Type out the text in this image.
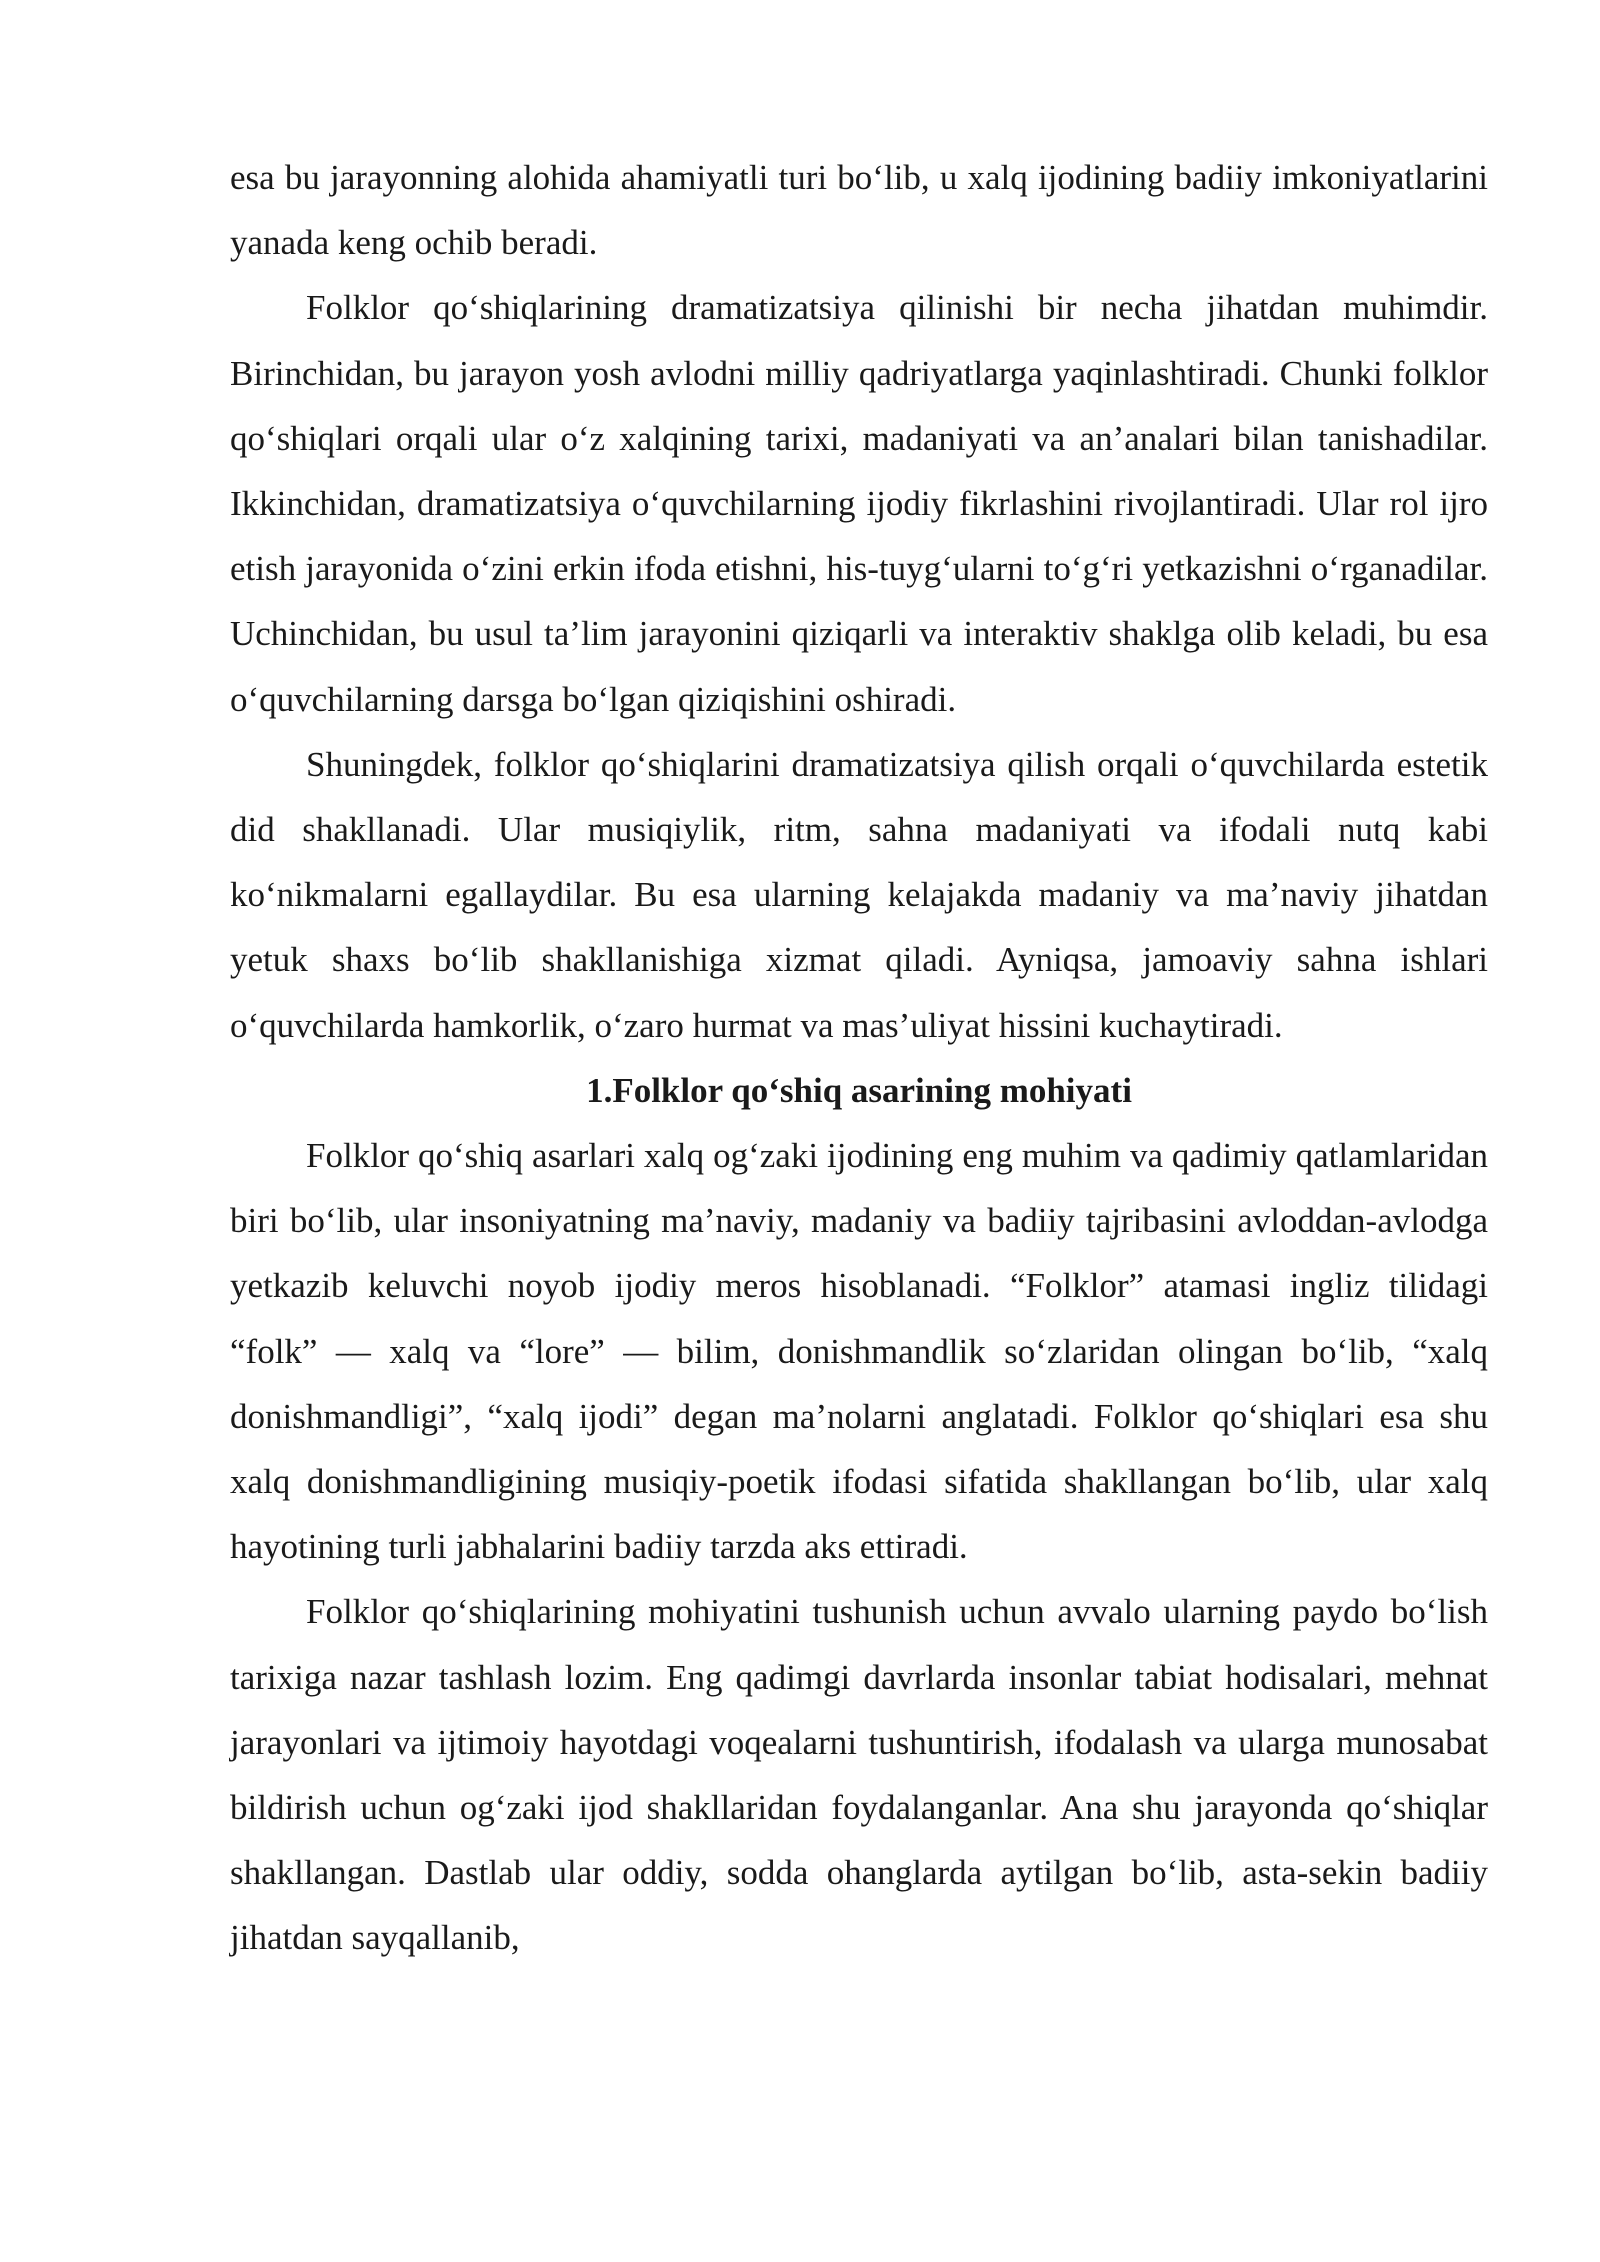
esa bu jarayonning alohida ahamiyatli turi bo‘lib, u xalq ijodining badiiy imkoniyatlarini yanada keng ochib beradi.

Folklor qo‘shiqlarining dramatizatsiya qilinishi bir necha jihatdan muhimdir. Birinchidan, bu jarayon yosh avlodni milliy qadriyatlarga yaqinlashtiradi. Chunki folklor qo‘shiqlari orqali ular o‘z xalqining tarixi, madaniyati va an’analari bilan tanishadilar. Ikkinchidan, dramatizatsiya o‘quvchilarning ijodiy fikrlashini rivojlantiradi. Ular rol ijro etish jarayonida o‘zini erkin ifoda etishni, his-tuyg‘ularni to‘g‘ri yetkazishni o‘rganadilar. Uchinchidan, bu usul ta’lim jarayonini qiziqarli va interaktiv shaklga olib keladi, bu esa o‘quvchilarning darsga bo‘lgan qiziqishini oshiradi.

Shuningdek, folklor qo‘shiqlarini dramatizatsiya qilish orqali o‘quvchilarda estetik did shakllanadi. Ular musiqiylik, ritm, sahna madaniyati va ifodali nutq kabi ko‘nikmalarni egallaydilar. Bu esa ularning kelajakda madaniy va ma’naviy jihatdan yetuk shaxs bo‘lib shakllanishiga xizmat qiladi. Ayniqsa, jamoaviy sahna ishlari o‘quvchilarda hamkorlik, o‘zaro hurmat va mas’uliyat hissini kuchaytiradi.

1.Folklor qo‘shiq asarining mohiyati

Folklor qo‘shiq asarlari xalq og‘zaki ijodining eng muhim va qadimiy qatlamlaridan biri bo‘lib, ular insoniyatning ma’naviy, madaniy va badiiy tajribasini avloddan-avlodga yetkazib keluvchi noyob ijodiy meros hisoblanadi. “Folklor” atamasi ingliz tilidagi “folk” — xalq va “lore” — bilim, donishmandlik so‘zlaridan olingan bo‘lib, “xalq donishmandligi”, “xalq ijodi” degan ma’nolarni anglatadi. Folklor qo‘shiqlari esa shu xalq donishmandligining musiqiy-poetik ifodasi sifatida shakllangan bo‘lib, ular xalq hayotining turli jabhalarini badiiy tarzda aks ettiradi.

Folklor qo‘shiqlarining mohiyatini tushunish uchun avvalo ularning paydo bo‘lish tarixiga nazar tashlash lozim. Eng qadimgi davrlarda insonlar tabiat hodisalari, mehnat jarayonlari va ijtimoiy hayotdagi voqealarni tushuntirish, ifodalash va ularga munosabat bildirish uchun og‘zaki ijod shakllaridan foydalanganlar. Ana shu jarayonda qo‘shiqlar shakllangan. Dastlab ular oddiy, sodda ohanglarda aytilgan bo‘lib, asta-sekin badiiy jihatdan sayqallanib,
